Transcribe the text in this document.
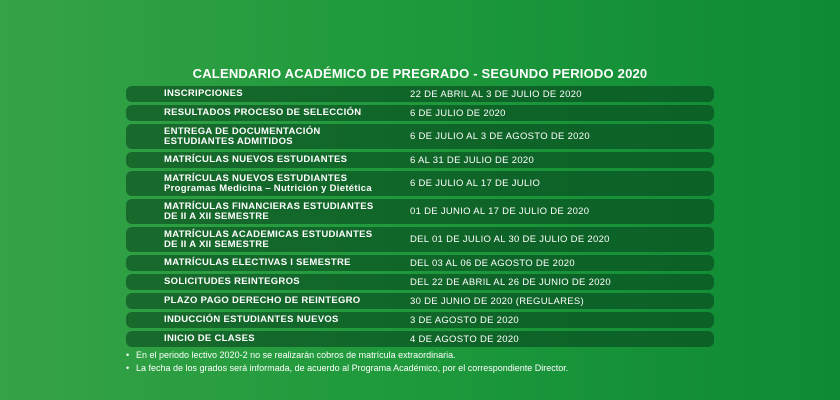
CALENDARIO ACADÉMICO DE PREGRADO - SEGUNDO PERIODO 2020
INSCRIPCIONES	22 DE ABRIL AL 3 DE JULIO DE 2020
RESULTADOS PROCESO DE SELECCIÓN	6 DE JULIO DE 2020
ENTREGA DE DOCUMENTACIÓN
ESTUDIANTES ADMITIDOS	6 DE JULIO AL 3 DE AGOSTO DE 2020
MATRÍCULAS NUEVOS ESTUDIANTES	6 AL 31 DE JULIO DE 2020
MATRÍCULAS NUEVOS ESTUDIANTES
Programas Medicina – Nutrición y Dietética	6 DE JULIO AL 17 DE JULIO
MATRÍCULAS FINANCIERAS ESTUDIANTES
DE II A XII SEMESTRE	01 DE JUNIO AL 17 DE JULIO DE 2020
MATRÍCULAS ACADEMICAS ESTUDIANTES
DE II A XII SEMESTRE	DEL 01 DE JULIO AL 30 DE JULIO DE 2020
MATRÍCULAS ELECTIVAS I SEMESTRE	DEL 03 AL 06 DE AGOSTO DE 2020
SOLICITUDES REINTEGROS	DEL 22 DE ABRIL AL 26 DE JUNIO DE 2020
PLAZO PAGO DERECHO DE REINTEGRO	30 DE JUNIO DE 2020 (REGULARES)
INDUCCIÓN ESTUDIANTES NUEVOS	3 DE AGOSTO DE 2020
INICIO DE CLASES	4 DE AGOSTO DE 2020
• En el periodo lectivo 2020-2 no se realizarán cobros de matrícula extraordinaria.
• La fecha de los grados será informada, de acuerdo al Programa Académico, por el correspondiente Director.
